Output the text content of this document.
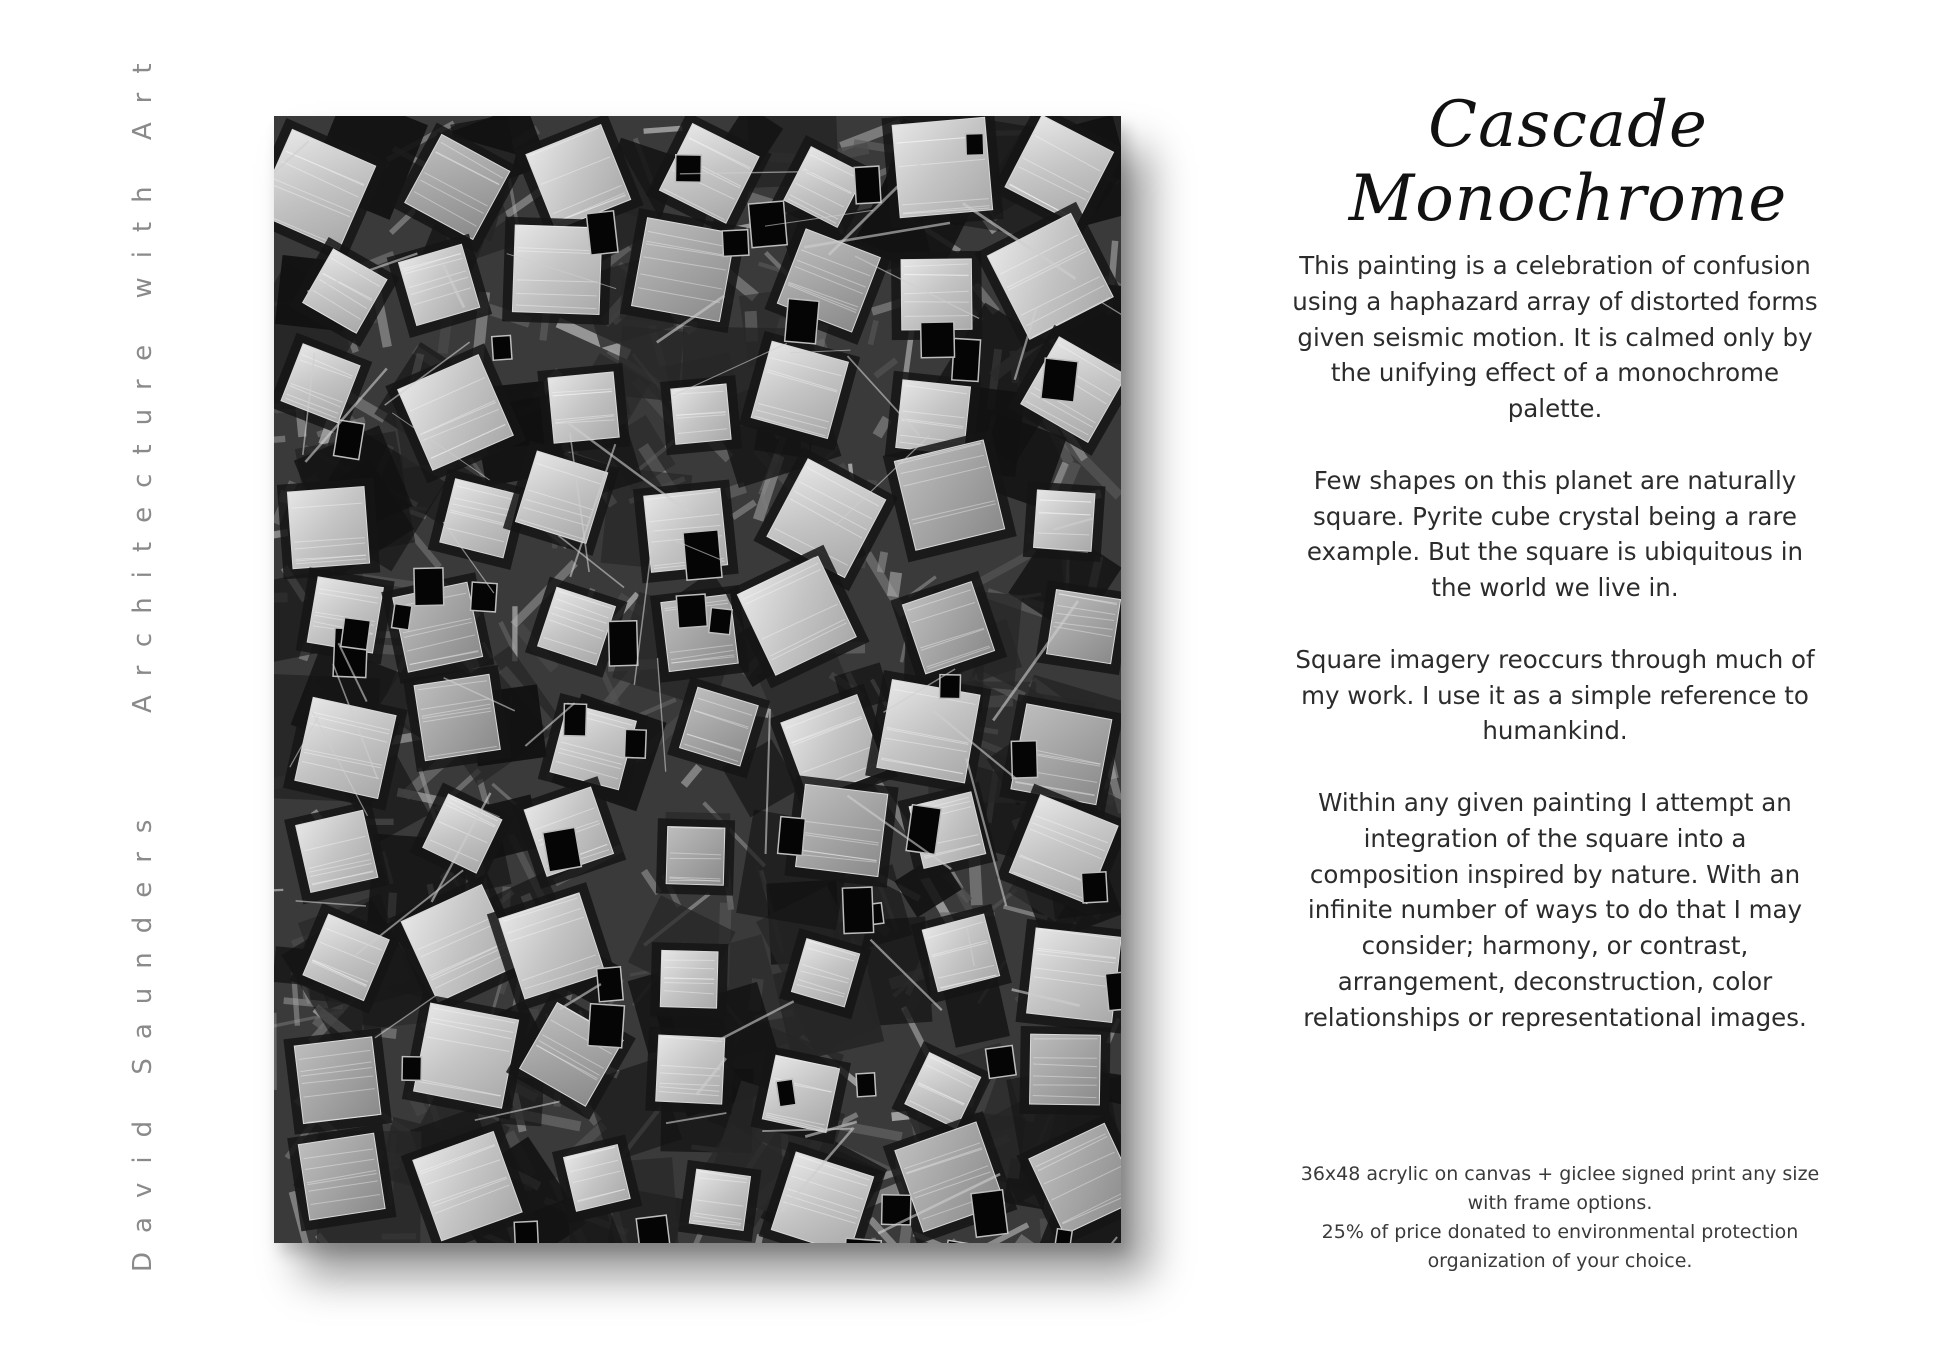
Architecture with Art
David Saunders
Cascade Monochrome

This painting is a celebration of confusion using a haphazard array of distorted forms given seismic motion. It is calmed only by the unifying effect of a monochrome palette.

Few shapes on this planet are naturally square. Pyrite cube crystal being a rare example. But the square is ubiquitous in the world we live in.

Square imagery reoccurs through much of my work. I use it as a simple reference to humankind.

Within any given painting I attempt an integration of the square into a composition inspired by nature. With an infinite number of ways to do that I may consider; harmony, or contrast, arrangement, deconstruction, color relationships or representational images.

36x48 acrylic on canvas + giclee signed print any size with frame options.

25% of price donated to environmental protection organization of your choice.
